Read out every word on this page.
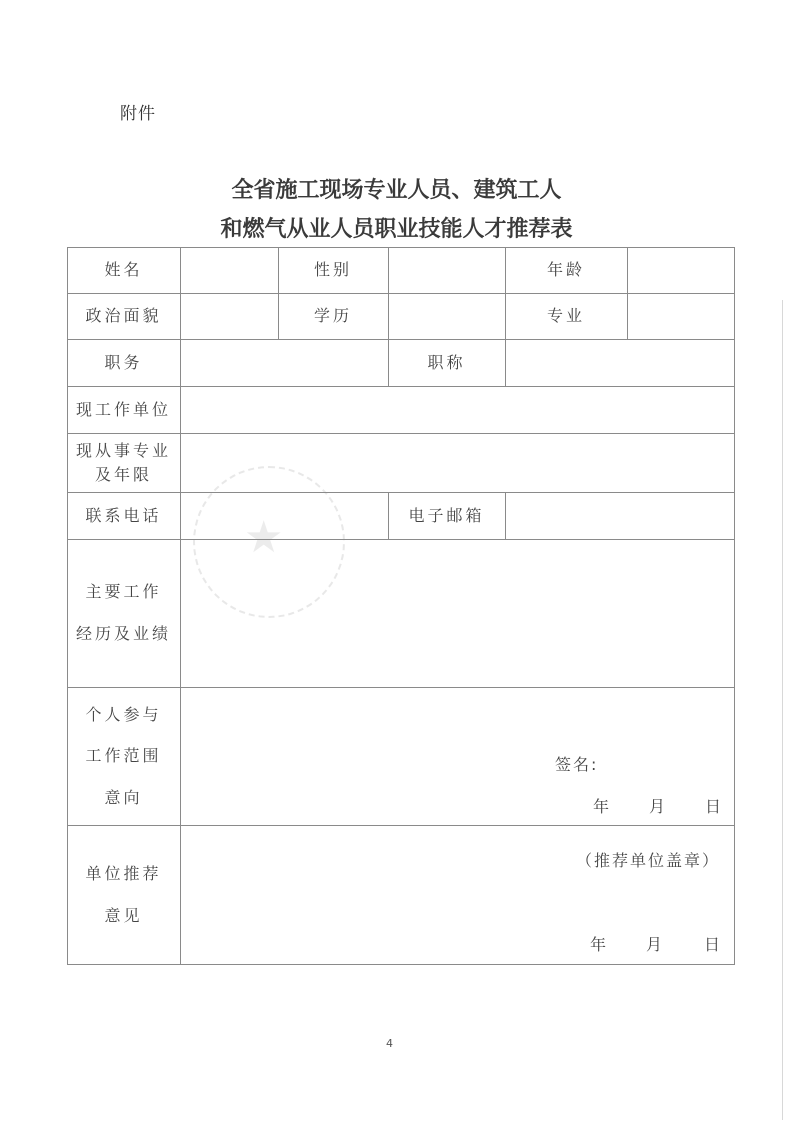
附件
全省施工现场专业人员、建筑工人
和燃气从业人员职业技能人才推荐表
★
姓名	性别	年龄
政治面貌	学历	专业
职务	职称
现工作单位
现从事专业
及年限
联系电话	电子邮箱
主要工作
经历及业绩
个人参与
工作范围
意向
签名:
年 月 日
单位推荐
意见
（推荐单位盖章）
年 月	日
4
